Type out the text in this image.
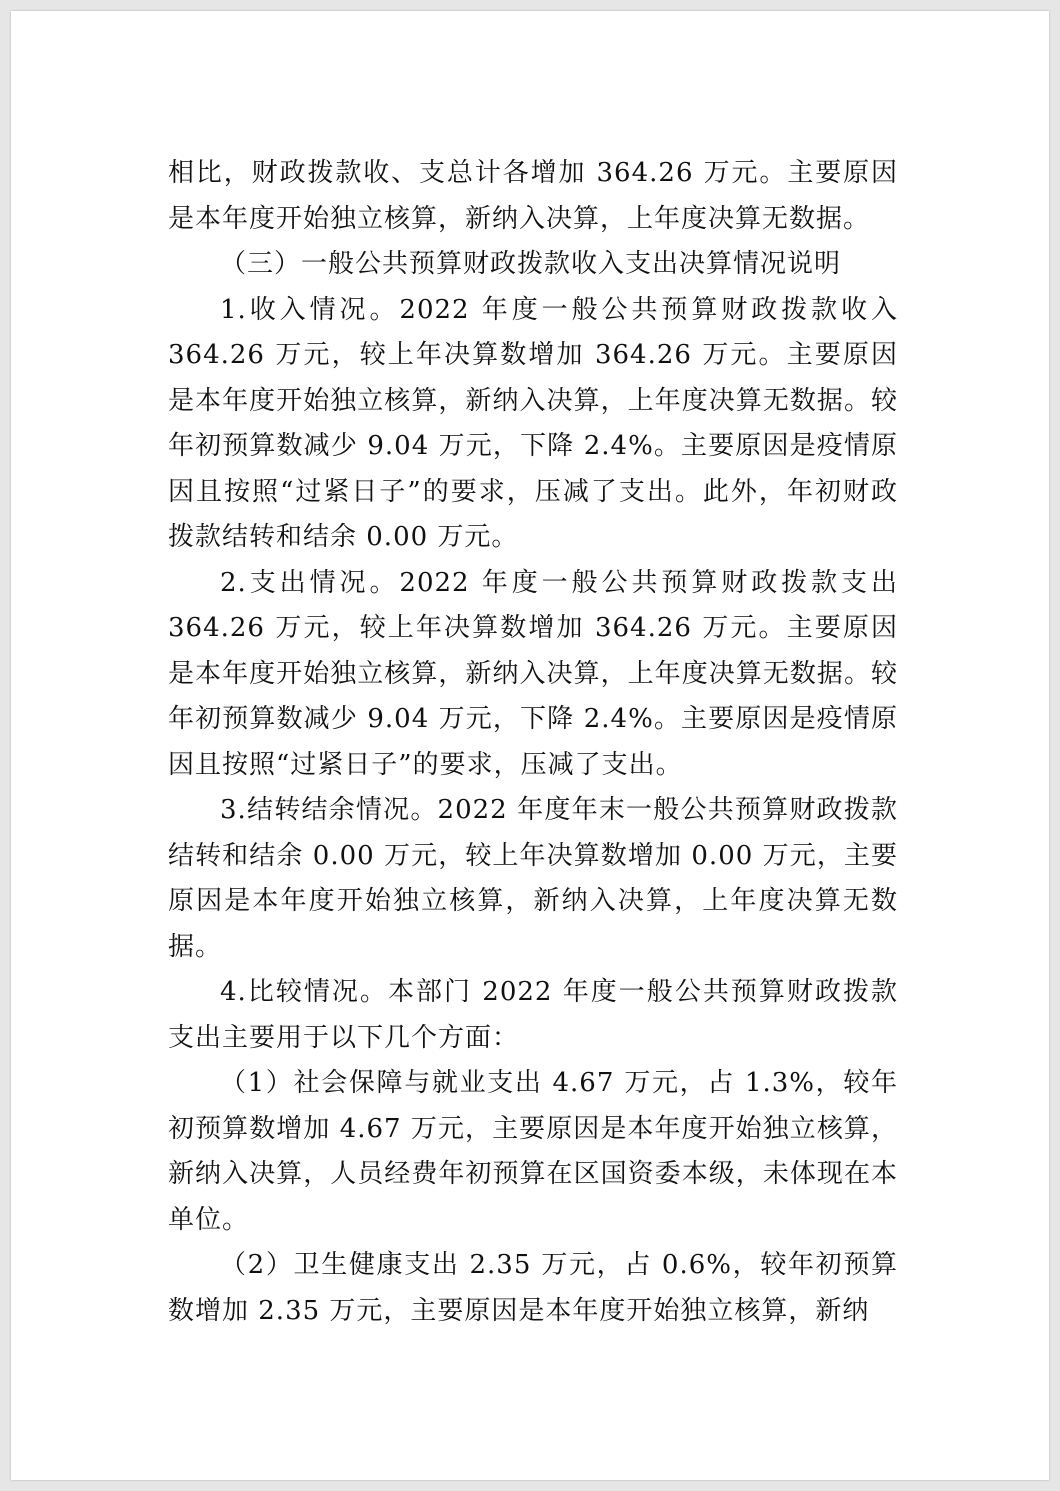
相比，财政拨款收、支总计各增加 364.26 万元。主要原因是本年度开始独立核算，新纳入决算，上年度决算无数据。

（三）一般公共预算财政拨款收入支出决算情况说明

1.收入情况。2022 年度一般公共预算财政拨款收入 364.26 万元，较上年决算数增加 364.26 万元。主要原因是本年度开始独立核算，新纳入决算，上年度决算无数据。较年初预算数减少 9.04 万元，下降 2.4%。主要原因是疫情原因且按照“过紧日子”的要求，压减了支出。此外，年初财政拨款结转和结余 0.00 万元。

2.支出情况。2022 年度一般公共预算财政拨款支出 364.26 万元，较上年决算数增加 364.26 万元。主要原因是本年度开始独立核算，新纳入决算，上年度决算无数据。较年初预算数减少 9.04 万元，下降 2.4%。主要原因是疫情原因且按照“过紧日子”的要求，压减了支出。

3.结转结余情况。2022 年度年末一般公共预算财政拨款结转和结余 0.00 万元，较上年决算数增加 0.00 万元，主要原因是本年度开始独立核算，新纳入决算，上年度决算无数据。

4.比较情况。本部门 2022 年度一般公共预算财政拨款支出主要用于以下几个方面：

（1）社会保障与就业支出 4.67 万元，占 1.3%，较年初预算数增加 4.67 万元，主要原因是本年度开始独立核算，新纳入决算，人员经费年初预算在区国资委本级，未体现在本单位。

（2）卫生健康支出 2.35 万元，占 0.6%，较年初预算数增加 2.35 万元，主要原因是本年度开始独立核算，新纳
